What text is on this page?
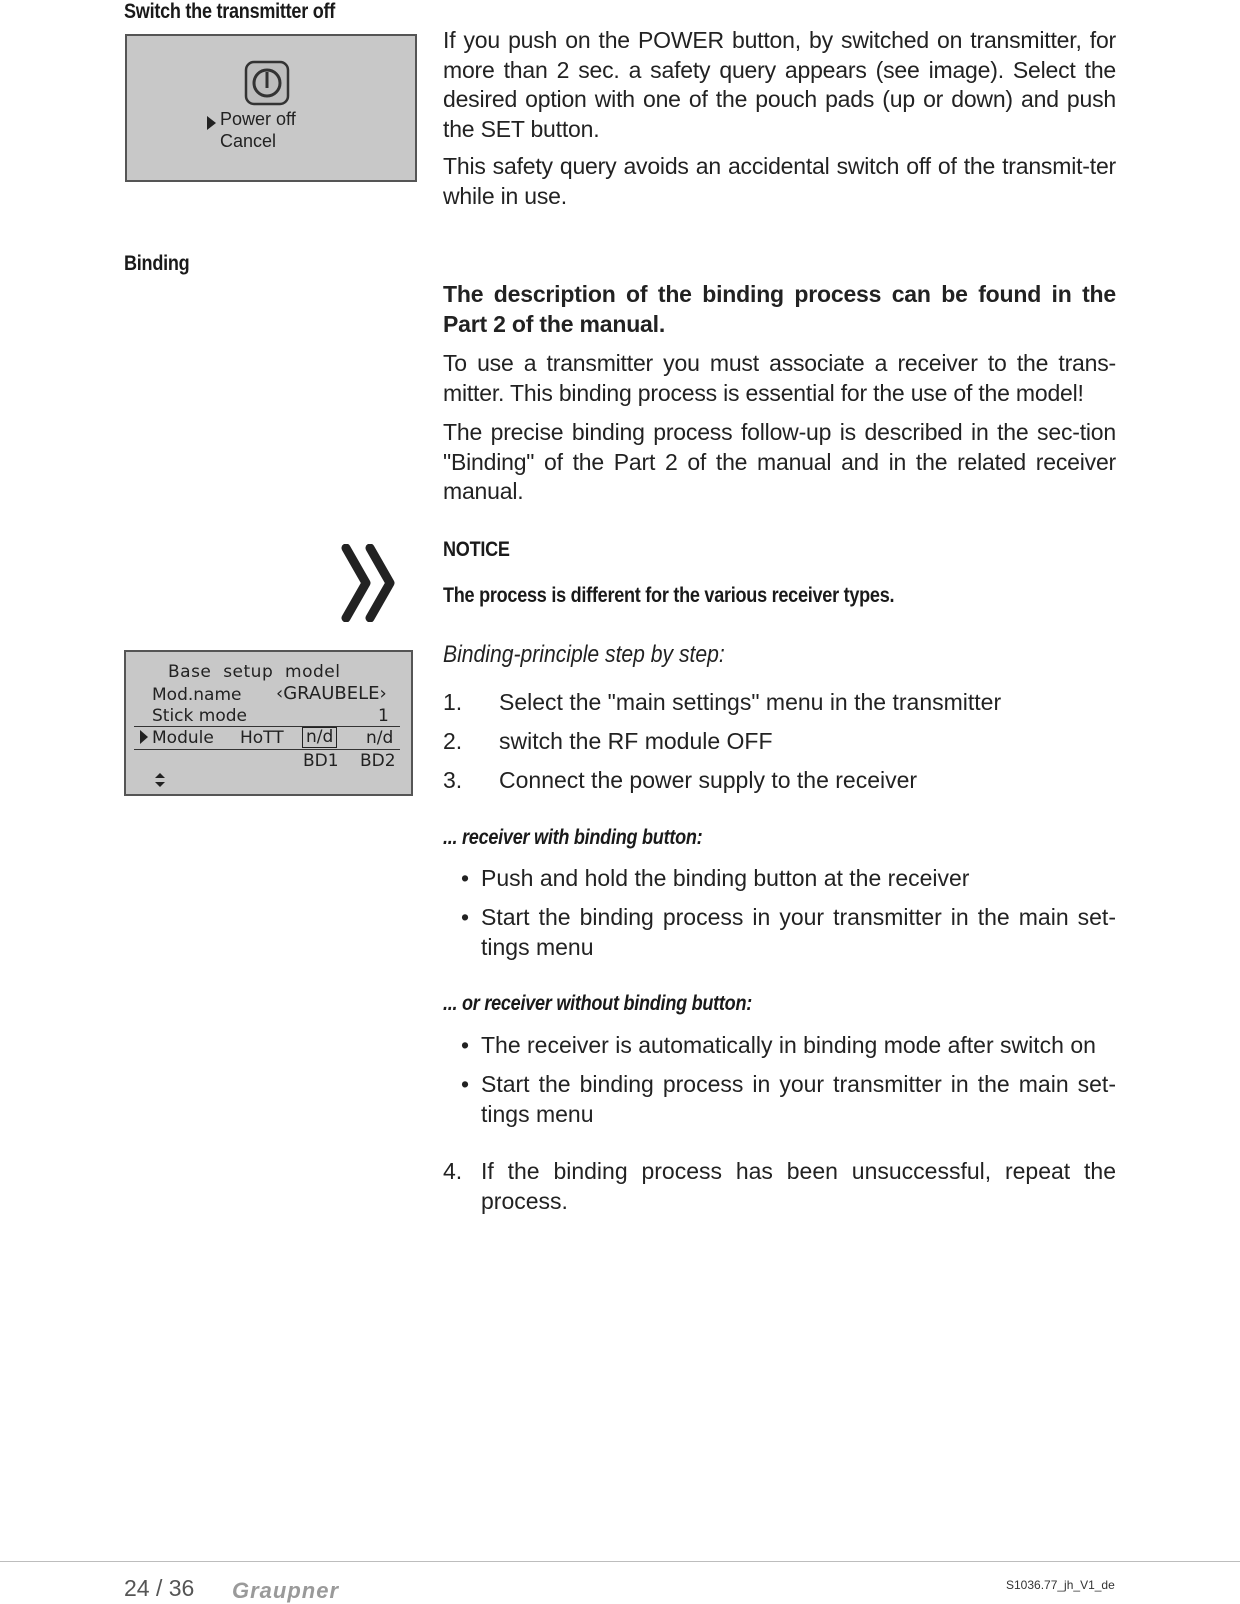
Switch the transmitter off
Power off
Cancel

If you push on the POWER button, by switched on transmitter, for more than 2 sec. a safety query appears (see image). Select the desired option with one of the pouch pads (up or down) and push the SET button.

This safety query avoids an accidental switch off of the transmit-ter while in use.

Binding

The description of the binding process can be found in the Part 2 of the manual.

To use a transmitter you must associate a receiver to the trans-mitter. This binding process is essential for the use of the model!

The precise binding process follow-up is described in the sec-tion "Binding" of the Part 2 of the manual and in the related receiver manual.

NOTICE
The process is different for the various receiver types.
Base  setup  model
Mod.name ‹GRAUBELE›
Stick mode	1
Module HoTT n/d n/d
BD1 BD2
Binding-principle step by step:
1. Select the "main settings" menu in the transmitter
2. switch the RF module OFF
3. Connect the power supply to the receiver
... receiver with binding button:
• Push and hold the binding button at the receiver
• Start the binding process in your transmitter in the main set-tings menu
... or receiver without binding button:
• The receiver is automatically in binding mode after switch on
• Start the binding process in your transmitter in the main set-tings menu
4. If the binding process has been unsuccessful, repeat the process.
24 / 36 Graupner	S1036.77_jh_V1_de
